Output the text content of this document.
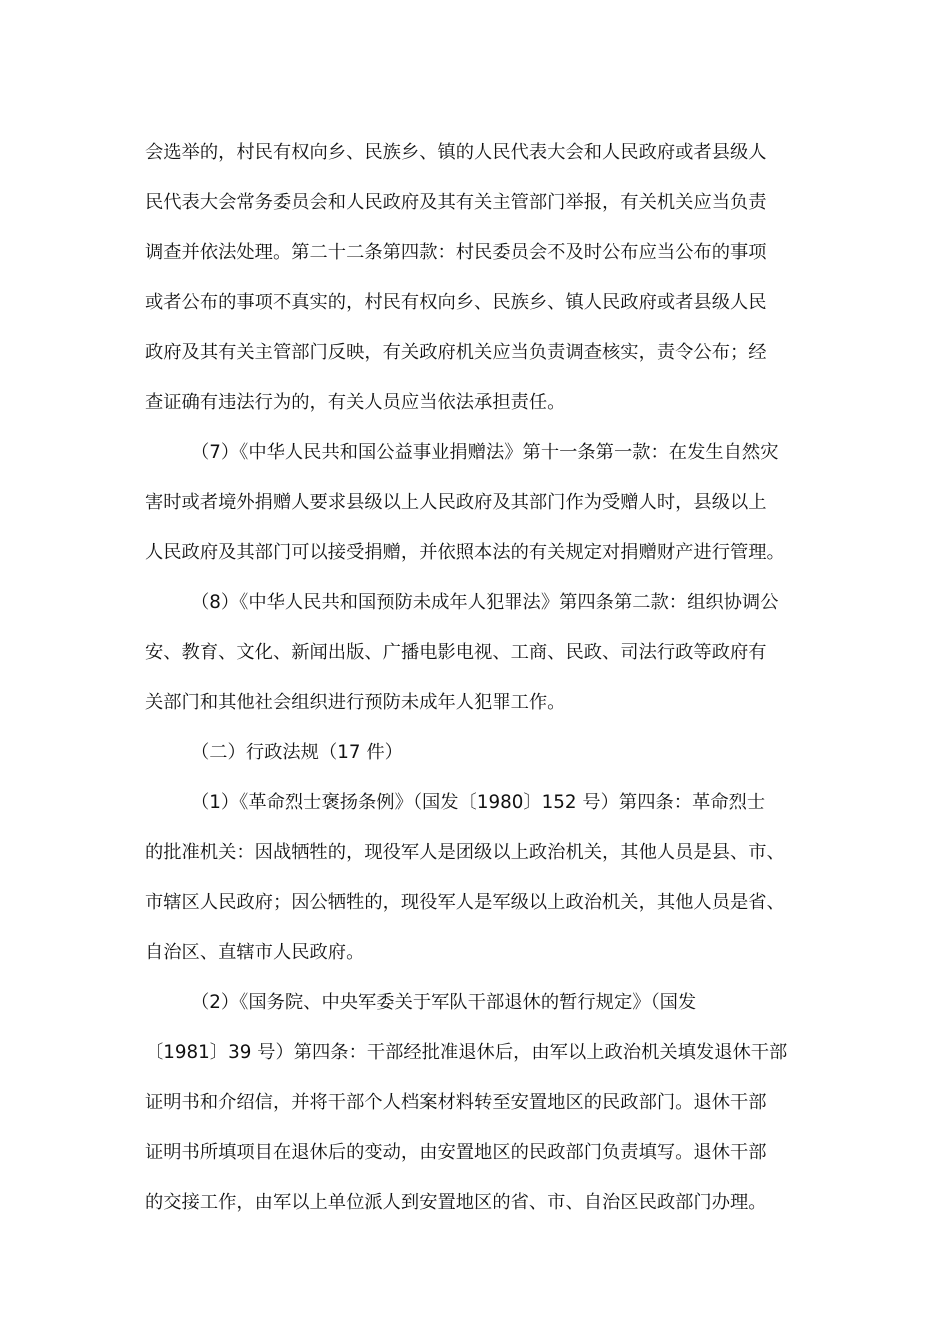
会选举的，村民有权向乡、民族乡、镇的人民代表大会和人民政府或者县级人
民代表大会常务委员会和人民政府及其有关主管部门举报，有关机关应当负责
调查并依法处理。第二十二条第四款：村民委员会不及时公布应当公布的事项
或者公布的事项不真实的，村民有权向乡、民族乡、镇人民政府或者县级人民
政府及其有关主管部门反映，有关政府机关应当负责调查核实，责令公布；经
查证确有违法行为的，有关人员应当依法承担责任。
（7）《中华人民共和国公益事业捐赠法》第十一条第一款：在发生自然灾
害时或者境外捐赠人要求县级以上人民政府及其部门作为受赠人时，县级以上
人民政府及其部门可以接受捐赠，并依照本法的有关规定对捐赠财产进行管理。
（8）《中华人民共和国预防未成年人犯罪法》第四条第二款：组织协调公
安、教育、文化、新闻出版、广播电影电视、工商、民政、司法行政等政府有
关部门和其他社会组织进行预防未成年人犯罪工作。
（二）行政法规（17 件）
（1）《革命烈士褒扬条例》（国发〔1980〕152 号）第四条：革命烈士
的批准机关：因战牺牲的，现役军人是团级以上政治机关，其他人员是县、市、
市辖区人民政府；因公牺牲的，现役军人是军级以上政治机关，其他人员是省、
自治区、直辖市人民政府。
（2）《国务院、中央军委关于军队干部退休的暂行规定》（国发
〔1981〕39 号）第四条：干部经批准退休后，由军以上政治机关填发退休干部
证明书和介绍信，并将干部个人档案材料转至安置地区的民政部门。退休干部
证明书所填项目在退休后的变动，由安置地区的民政部门负责填写。退休干部
的交接工作，由军以上单位派人到安置地区的省、市、自治区民政部门办理。
